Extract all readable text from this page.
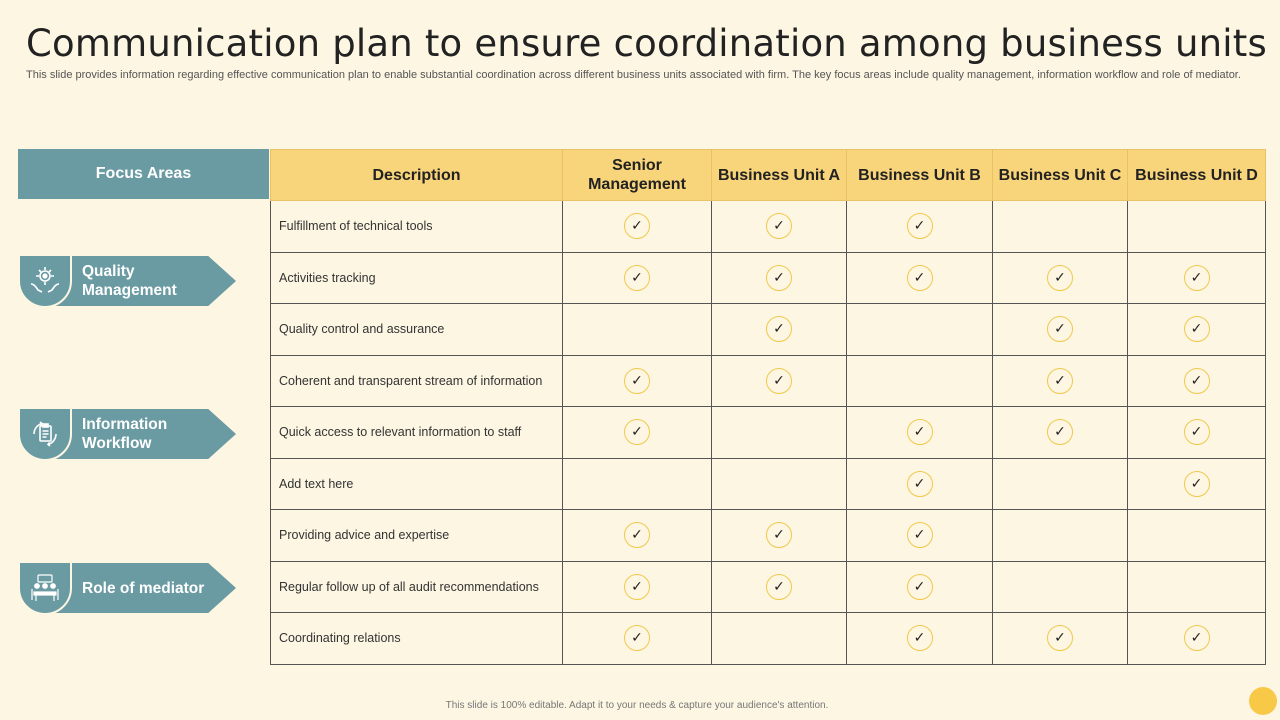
Communication plan to ensure coordination among business units
This slide provides information regarding effective communication plan to enable substantial coordination across different business units associated with firm. The key focus areas include quality management, information workflow and role of mediator.
Focus Areas
Quality Management
Information Workflow
Role of mediator
Description	Senior Management	Business Unit A	Business Unit B	Business Unit C	Business Unit D
Fulfillment of technical tools	✓	✓	✓		
Activities tracking	✓	✓	✓	✓	✓
Quality control and assurance		✓		✓	✓
Coherent and transparent stream of information	✓	✓		✓	✓
Quick access to relevant information to staff	✓		✓	✓	✓
Add text here			✓		✓
Providing advice and expertise	✓	✓	✓		
Regular follow up of all audit recommendations	✓	✓	✓		
Coordinating relations	✓		✓	✓	✓
This slide is 100% editable. Adapt it to your needs & capture your audience's attention.
